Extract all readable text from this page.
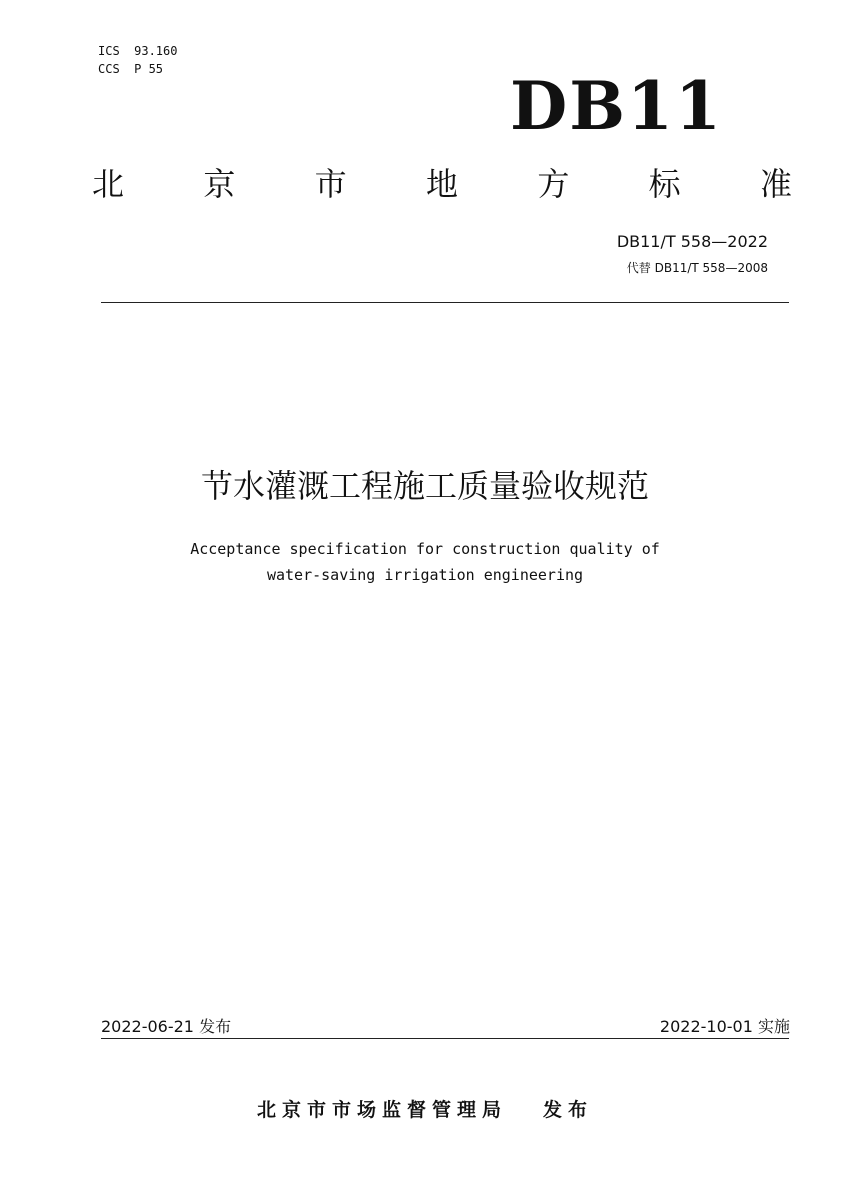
ICS  93.160
CCS  P 55	DB11
北 京 市 地 方 标 准
DB11/T 558—2022
代替 DB11/T 558—2008
节水灌溉工程施工质量验收规范
Acceptance specification for construction quality of
water-saving irrigation engineering
2022-06-21 发布	2022-10-01 实施
北京市市场监督管理局 发布
